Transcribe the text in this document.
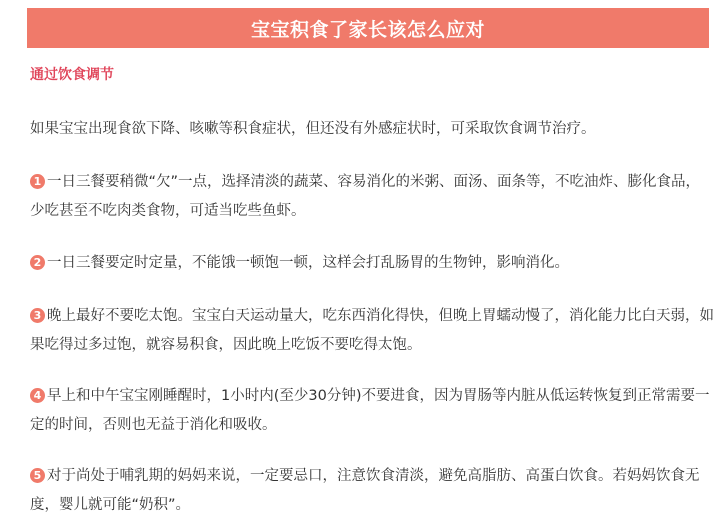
宝宝积食了家长该怎么应对
通过饮食调节

如果宝宝出现食欲下降、咳嗽等积食症状，但还没有外感症状时，可采取饮食调节治疗。

1 一日三餐要稍微“欠”一点，选择清淡的蔬菜、容易消化的米粥、面汤、面条等，不吃油炸、膨化食品，少吃甚至不吃肉类食物，可适当吃些鱼虾。

2 一日三餐要定时定量，不能饿一顿饱一顿，这样会打乱肠胃的生物钟，影响消化。

3 晚上最好不要吃太饱。宝宝白天运动量大，吃东西消化得快，但晚上胃蠕动慢了，消化能力比白天弱，如果吃得过多过饱，就容易积食，因此晚上吃饭不要吃得太饱。

4 早上和中午宝宝刚睡醒时，1小时内(至少30分钟)不要进食，因为胃肠等内脏从低运转恢复到正常需要一定的时间，否则也无益于消化和吸收。

5 对于尚处于哺乳期的妈妈来说，一定要忌口，注意饮食清淡，避免高脂肪、高蛋白饮食。若妈妈饮食无度，婴儿就可能“奶积”。
